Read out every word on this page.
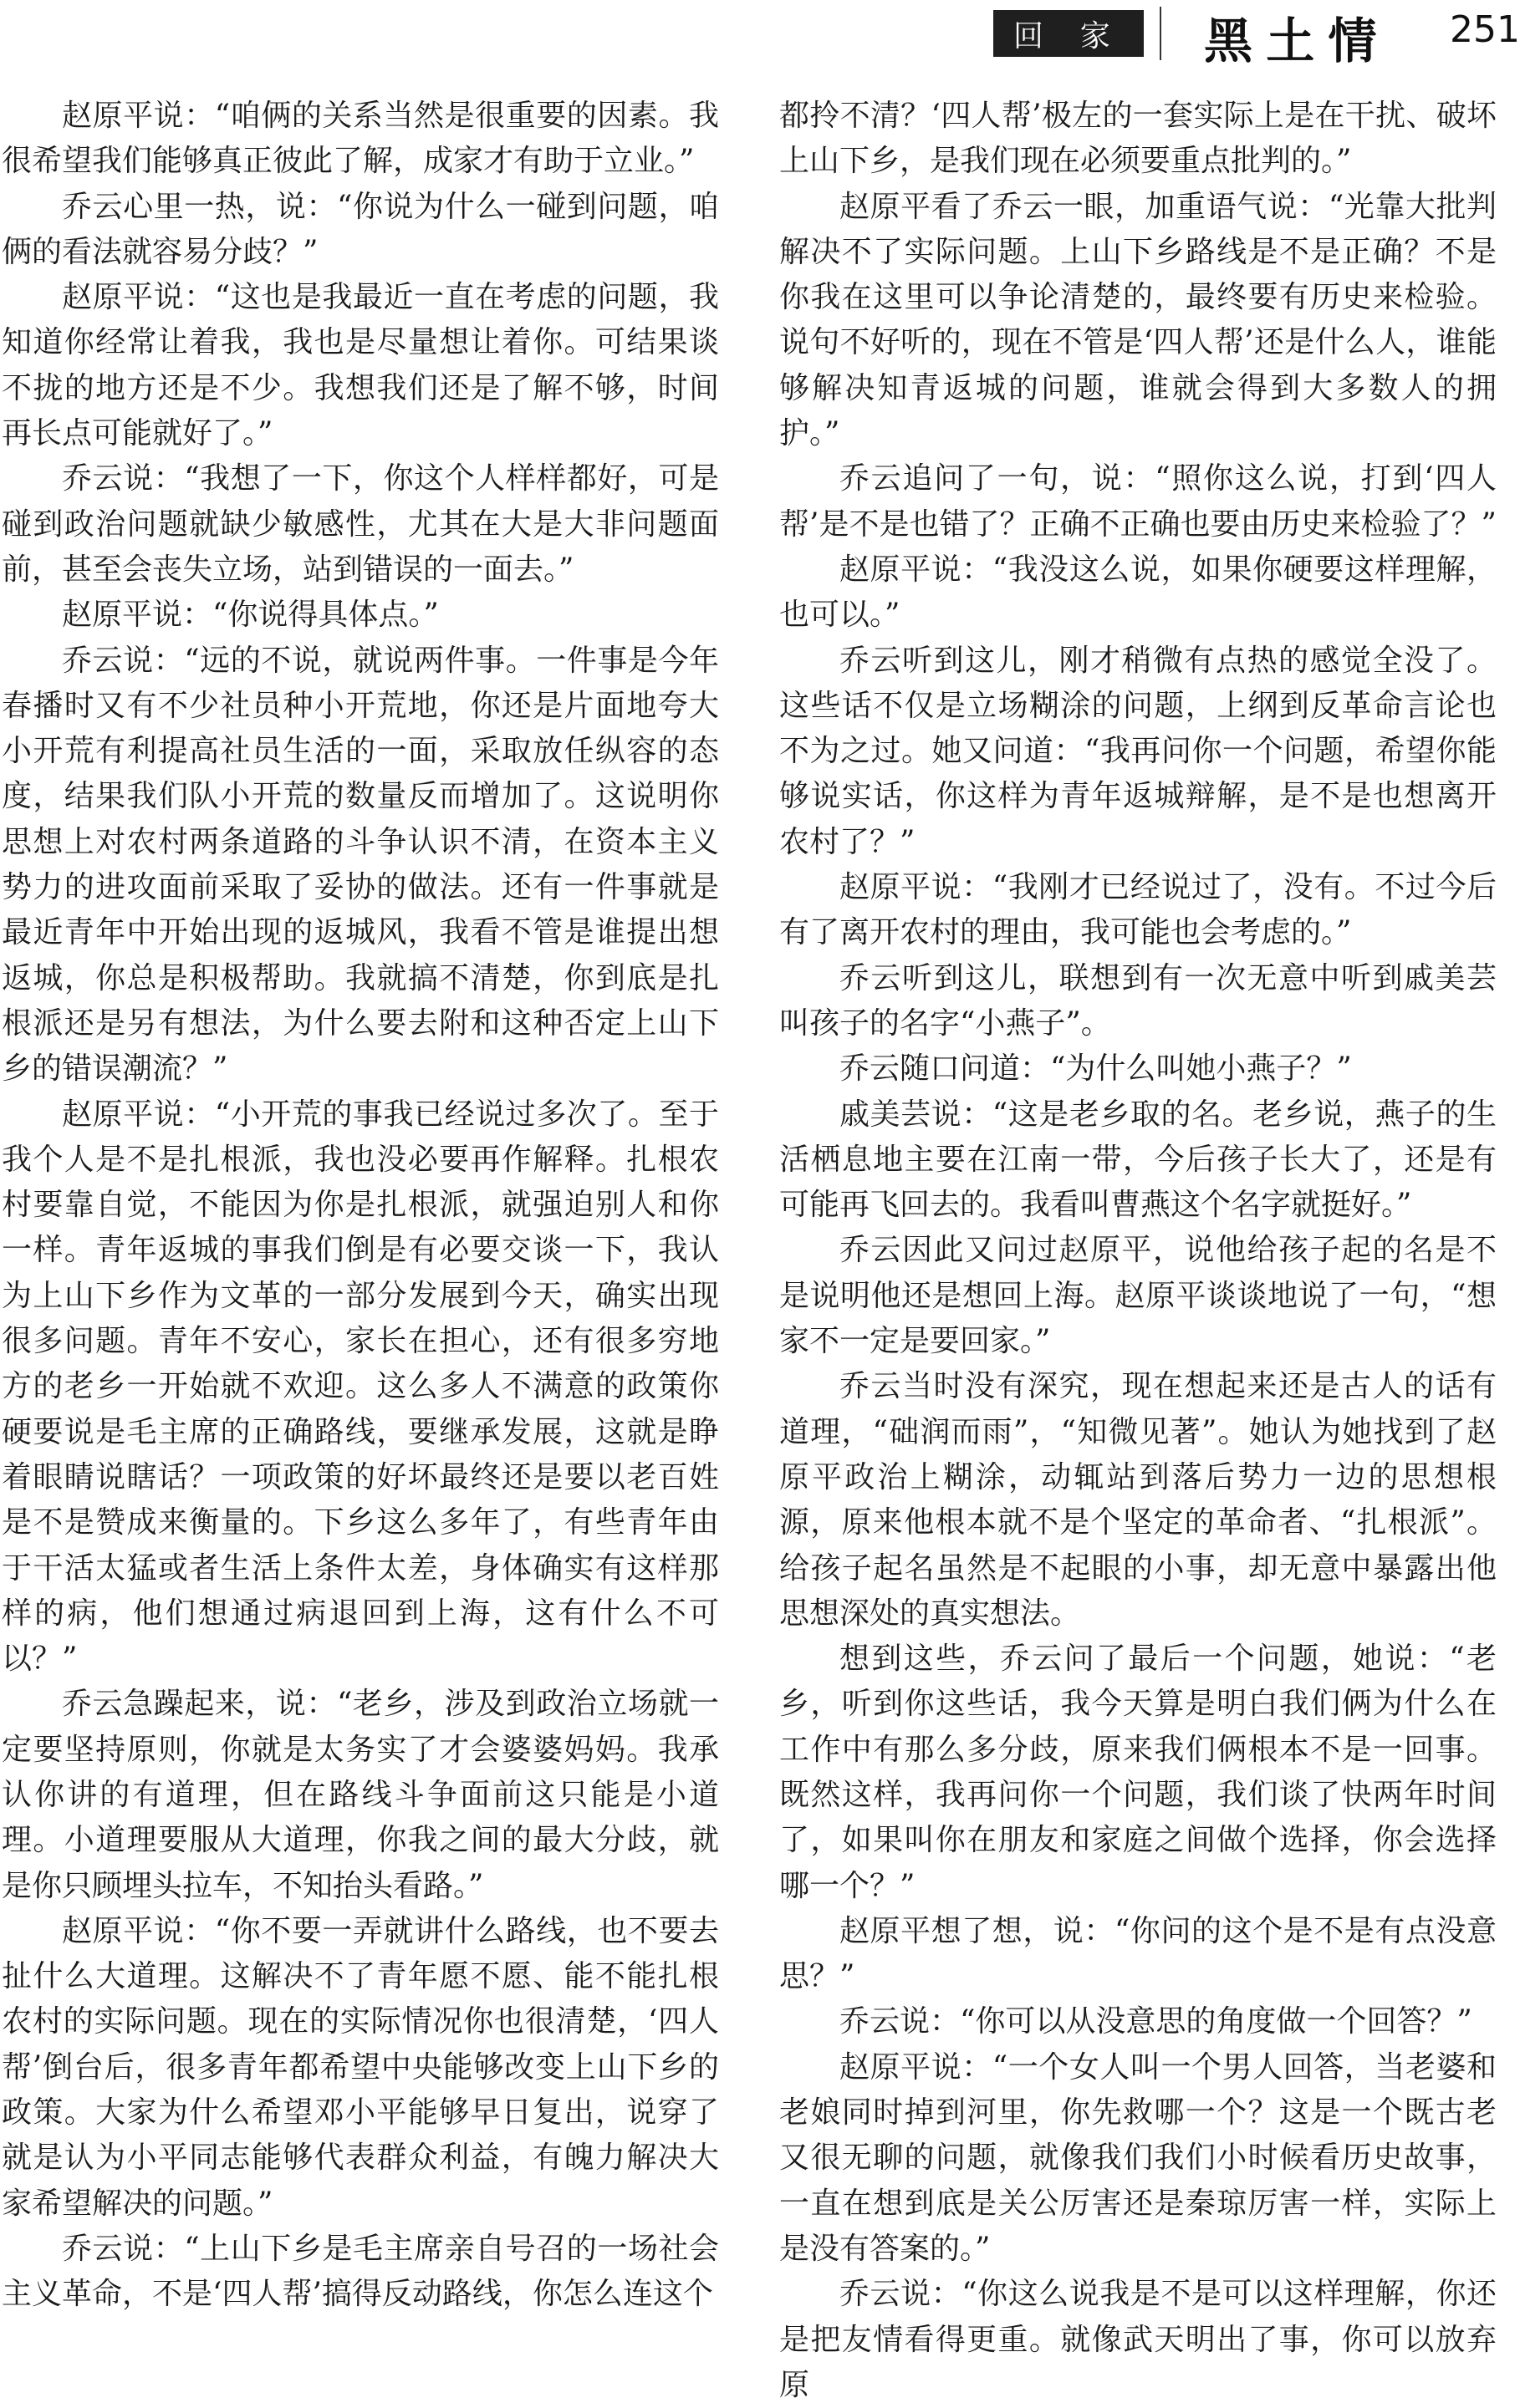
回 家	黑土情 251

赵原平说：“咱俩的关系当然是很重要的因素。我很希望我们能够真正彼此了解，成家才有助于立业。”

乔云心里一热，说：“你说为什么一碰到问题，咱俩的看法就容易分歧？”

赵原平说：“这也是我最近一直在考虑的问题，我知道你经常让着我，我也是尽量想让着你。可结果谈不拢的地方还是不少。我想我们还是了解不够，时间再长点可能就好了。”

乔云说：“我想了一下，你这个人样样都好，可是碰到政治问题就缺少敏感性，尤其在大是大非问题面前，甚至会丧失立场，站到错误的一面去。”

赵原平说：“你说得具体点。”

乔云说：“远的不说，就说两件事。一件事是今年春播时又有不少社员种小开荒地，你还是片面地夸大小开荒有利提高社员生活的一面，采取放任纵容的态度，结果我们队小开荒的数量反而增加了。这说明你思想上对农村两条道路的斗争认识不清，在资本主义势力的进攻面前采取了妥协的做法。还有一件事就是最近青年中开始出现的返城风，我看不管是谁提出想返城，你总是积极帮助。我就搞不清楚，你到底是扎根派还是另有想法，为什么要去附和这种否定上山下乡的错误潮流？”

赵原平说：“小开荒的事我已经说过多次了。至于我个人是不是扎根派，我也没必要再作解释。扎根农村要靠自觉，不能因为你是扎根派，就强迫别人和你一样。青年返城的事我们倒是有必要交谈一下，我认为上山下乡作为文革的一部分发展到今天，确实出现很多问题。青年不安心，家长在担心，还有很多穷地方的老乡一开始就不欢迎。这么多人不满意的政策你硬要说是毛主席的正确路线，要继承发展，这就是睁着眼睛说瞎话？一项政策的好坏最终还是要以老百姓是不是赞成来衡量的。下乡这么多年了，有些青年由于干活太猛或者生活上条件太差，身体确实有这样那样的病，他们想通过病退回到上海，这有什么不可以？”

乔云急躁起来，说：“老乡，涉及到政治立场就一定要坚持原则，你就是太务实了才会婆婆妈妈。我承认你讲的有道理，但在路线斗争面前这只能是小道理。小道理要服从大道理，你我之间的最大分歧，就是你只顾埋头拉车，不知抬头看路。”

赵原平说：“你不要一弄就讲什么路线，也不要去扯什么大道理。这解决不了青年愿不愿、能不能扎根农村的实际问题。现在的实际情况你也很清楚，‘四人帮’倒台后，很多青年都希望中央能够改变上山下乡的政策。大家为什么希望邓小平能够早日复出，说穿了就是认为小平同志能够代表群众利益，有魄力解决大家希望解决的问题。”

乔云说：“上山下乡是毛主席亲自号召的一场社会主义革命，不是‘四人帮’搞得反动路线，你怎么连这个

都拎不清？‘四人帮’极左的一套实际上是在干扰、破坏上山下乡，是我们现在必须要重点批判的。”

赵原平看了乔云一眼，加重语气说：“光靠大批判解决不了实际问题。上山下乡路线是不是正确？不是你我在这里可以争论清楚的，最终要有历史来检验。说句不好听的，现在不管是‘四人帮’还是什么人，谁能够解决知青返城的问题，谁就会得到大多数人的拥护。”

乔云追问了一句，说：“照你这么说，打到‘四人帮’是不是也错了？正确不正确也要由历史来检验了？”

赵原平说：“我没这么说，如果你硬要这样理解，也可以。”

乔云听到这儿，刚才稍微有点热的感觉全没了。这些话不仅是立场糊涂的问题，上纲到反革命言论也不为之过。她又问道：“我再问你一个问题，希望你能够说实话，你这样为青年返城辩解，是不是也想离开农村了？”

赵原平说：“我刚才已经说过了，没有。不过今后有了离开农村的理由，我可能也会考虑的。”

乔云听到这儿，联想到有一次无意中听到戚美芸叫孩子的名字“小燕子”。

乔云随口问道：“为什么叫她小燕子？”

戚美芸说：“这是老乡取的名。老乡说，燕子的生活栖息地主要在江南一带，今后孩子长大了，还是有可能再飞回去的。我看叫曹燕这个名字就挺好。”

乔云因此又问过赵原平，说他给孩子起的名是不是说明他还是想回上海。赵原平谈谈地说了一句，“想家不一定是要回家。”

乔云当时没有深究，现在想起来还是古人的话有道理，“础润而雨”，“知微见著”。她认为她找到了赵原平政治上糊涂，动辄站到落后势力一边的思想根源，原来他根本就不是个坚定的革命者、“扎根派”。给孩子起名虽然是不起眼的小事，却无意中暴露出他思想深处的真实想法。

想到这些，乔云问了最后一个问题，她说：“老乡，听到你这些话，我今天算是明白我们俩为什么在工作中有那么多分歧，原来我们俩根本不是一回事。既然这样，我再问你一个问题，我们谈了快两年时间了，如果叫你在朋友和家庭之间做个选择，你会选择哪一个？”

赵原平想了想，说：“你问的这个是不是有点没意思？”

乔云说：“你可以从没意思的角度做一个回答？”

赵原平说：“一个女人叫一个男人回答，当老婆和老娘同时掉到河里，你先救哪一个？这是一个既古老又很无聊的问题，就像我们我们小时候看历史故事，一直在想到底是关公厉害还是秦琼厉害一样，实际上是没有答案的。”

乔云说：“你这么说我是不是可以这样理解，你还是把友情看得更重。就像武天明出了事，你可以放弃原
